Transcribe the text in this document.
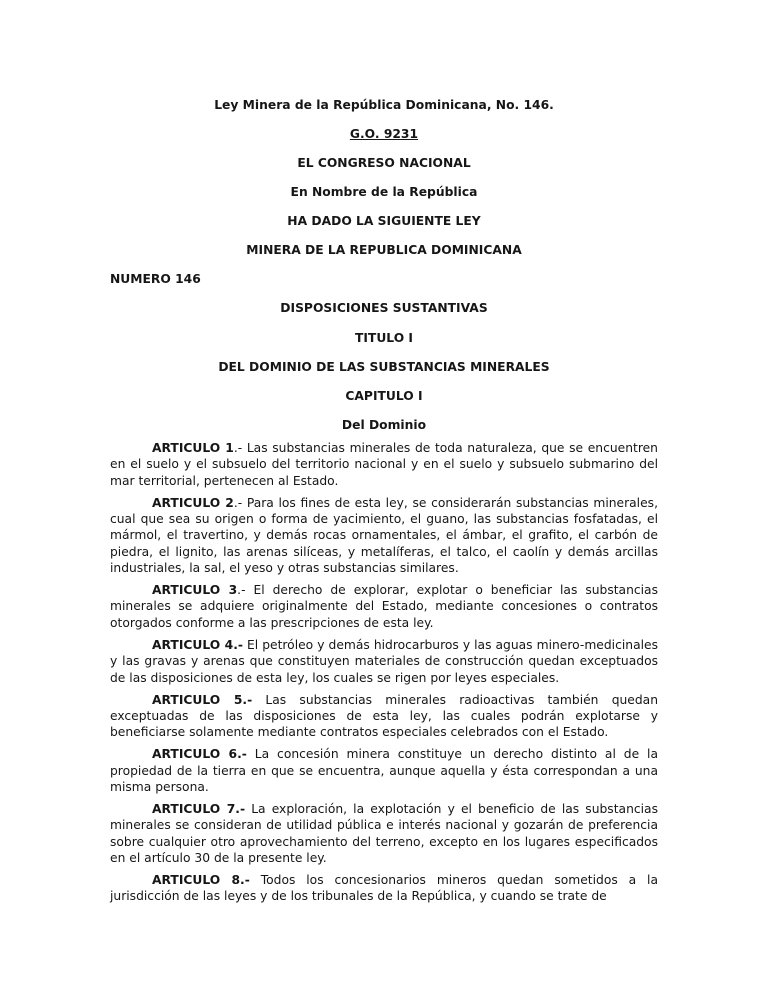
Ley Minera de la República Dominicana, No. 146.
G.O. 9231
EL CONGRESO NACIONAL
En Nombre de la República
HA DADO LA SIGUIENTE LEY
MINERA DE LA REPUBLICA DOMINICANA
NUMERO 146
DISPOSICIONES SUSTANTIVAS
TITULO I
DEL DOMINIO DE LAS SUBSTANCIAS MINERALES
CAPITULO I
Del Dominio

ARTICULO 1.- Las substancias minerales de toda naturaleza, que se encuentren en el suelo y el subsuelo del territorio nacional y en el suelo y subsuelo submarino del mar territorial, pertenecen al Estado.

ARTICULO 2.- Para los fines de esta ley, se considerarán substancias minerales, cual que sea su origen o forma de yacimiento, el guano, las substancias fosfatadas, el mármol, el travertino, y demás rocas ornamentales, el ámbar, el grafito, el carbón de piedra, el lignito, las arenas silíceas, y metalíferas, el talco, el caolín y demás arcillas industriales, la sal, el yeso y otras substancias similares.

ARTICULO 3.- El derecho de explorar, explotar o beneficiar las substancias minerales se adquiere originalmente del Estado, mediante concesiones o contratos otorgados conforme a las prescripciones de esta ley.

ARTICULO 4.- El petróleo y demás hidrocarburos y las aguas minero-medicinales y las gravas y arenas que constituyen materiales de construcción quedan exceptuados de las disposiciones de esta ley, los cuales se rigen por leyes especiales.

ARTICULO 5.- Las substancias minerales radioactivas también quedan exceptuadas de las disposiciones de esta ley, las cuales podrán explotarse y beneficiarse solamente mediante contratos especiales celebrados con el Estado.

ARTICULO 6.- La concesión minera constituye un derecho distinto al de la propiedad de la tierra en que se encuentra, aunque aquella y ésta correspondan a una misma persona.

ARTICULO 7.- La exploración, la explotación y el beneficio de las substancias minerales se consideran de utilidad pública e interés nacional y gozarán de preferencia sobre cualquier otro aprovechamiento del terreno, excepto en los lugares especificados en el artículo 30 de la presente ley.

ARTICULO 8.- Todos los concesionarios mineros quedan sometidos a la jurisdicción de las leyes y de los tribunales de la República, y cuando se trate de
